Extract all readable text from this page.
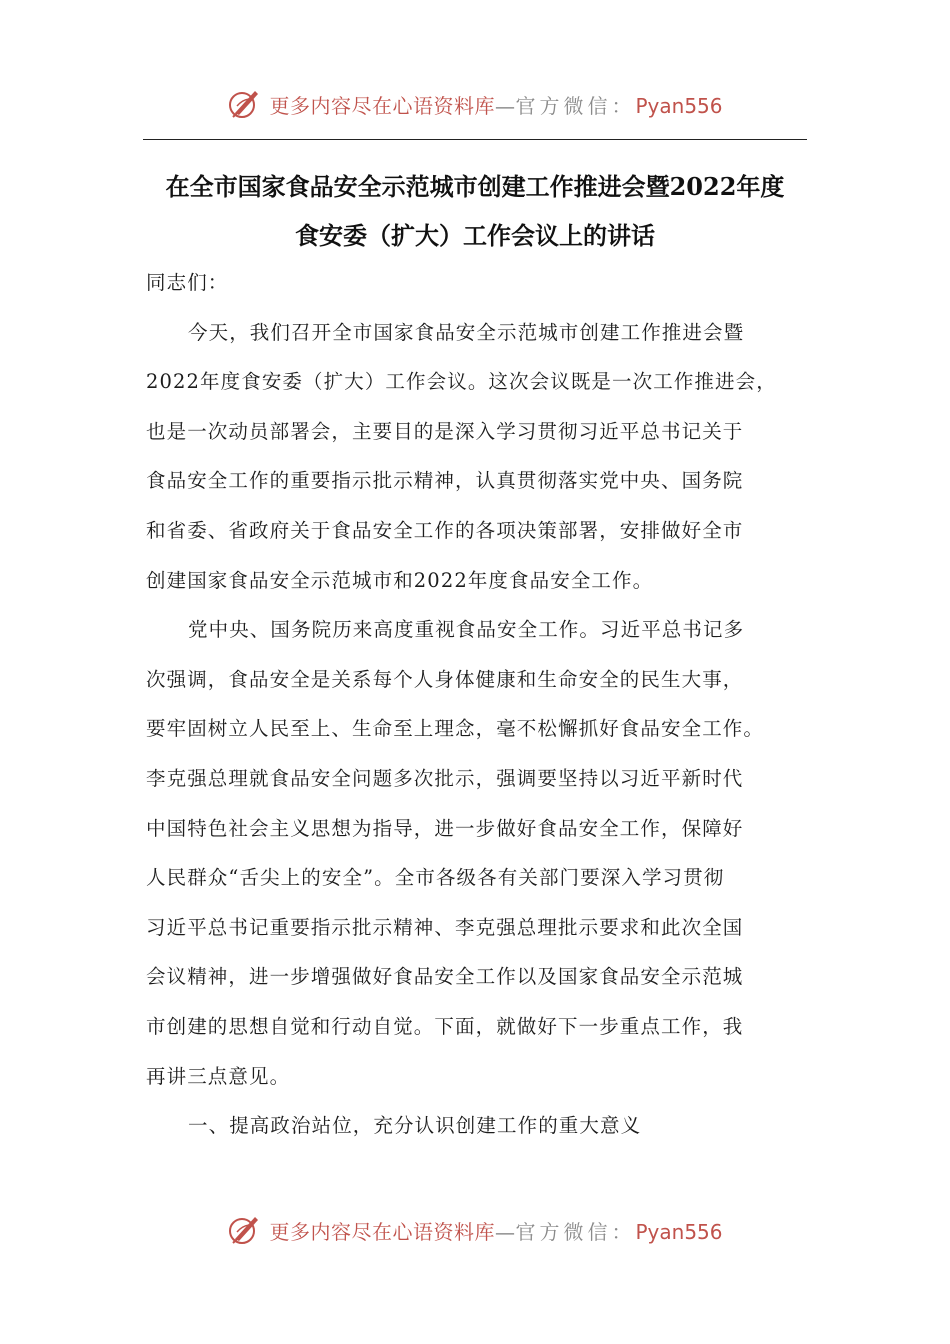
更多内容尽在心语资料库—官方微信：Pyan556
在全市国家食品安全示范城市创建工作推进会暨2022年度
食安委（扩大）工作会议上的讲话
同志们：
今天，我们召开全市国家食品安全示范城市创建工作推进会暨
2022年度食安委（扩大）工作会议。这次会议既是一次工作推进会，
也是一次动员部署会，主要目的是深入学习贯彻习近平总书记关于
食品安全工作的重要指示批示精神，认真贯彻落实党中央、国务院
和省委、省政府关于食品安全工作的各项决策部署，安排做好全市
创建国家食品安全示范城市和2022年度食品安全工作。
党中央、国务院历来高度重视食品安全工作。习近平总书记多
次强调，食品安全是关系每个人身体健康和生命安全的民生大事，
要牢固树立人民至上、生命至上理念，毫不松懈抓好食品安全工作。
李克强总理就食品安全问题多次批示，强调要坚持以习近平新时代
中国特色社会主义思想为指导，进一步做好食品安全工作，保障好
人民群众“舌尖上的安全”。全市各级各有关部门要深入学习贯彻
习近平总书记重要指示批示精神、李克强总理批示要求和此次全国
会议精神，进一步增强做好食品安全工作以及国家食品安全示范城
市创建的思想自觉和行动自觉。下面，就做好下一步重点工作，我
再讲三点意见。
一、提高政治站位，充分认识创建工作的重大意义
更多内容尽在心语资料库—官方微信：Pyan556
